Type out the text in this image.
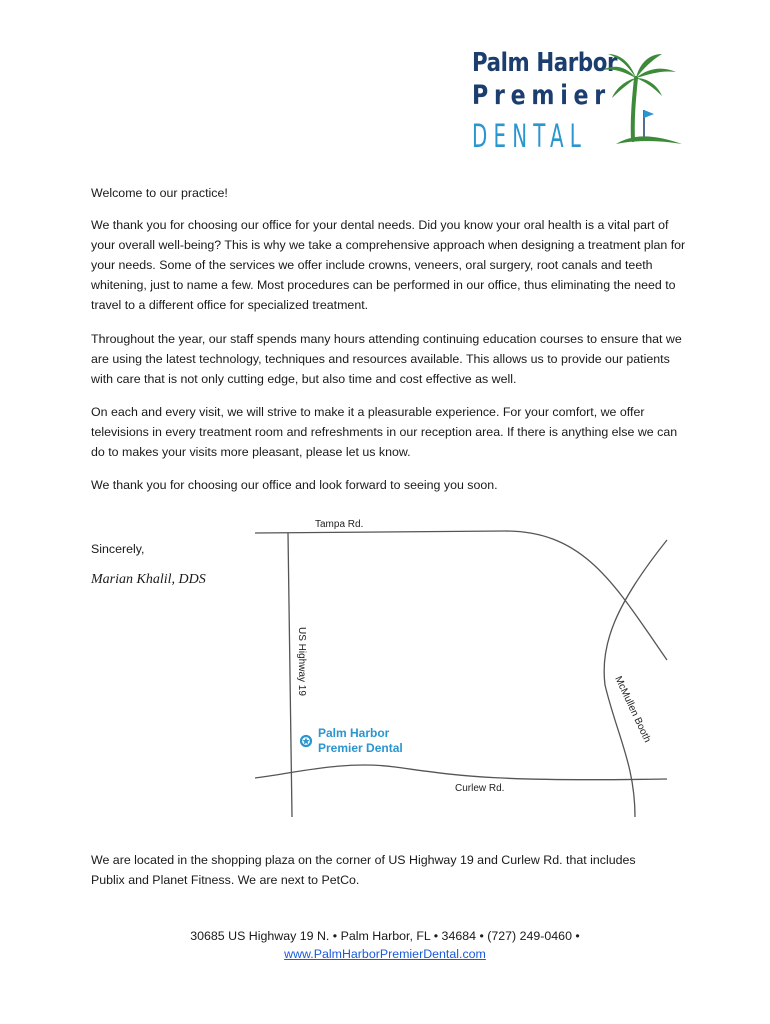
Palm Harbor
Premier
DENTAL
Welcome to our practice!
We thank you for choosing our office for your dental needs. Did you know your oral health is a vital part of your overall well-being? This is why we take a comprehensive approach when designing a treatment plan for your needs. Some of the services we offer include crowns, veneers, oral surgery, root canals and teeth whitening, just to name a few. Most procedures can be performed in our office, thus eliminating the need to travel to a different office for specialized treatment.
Throughout the year, our staff spends many hours attending continuing education courses to ensure that we are using the latest technology, techniques and resources available. This allows us to provide our patients with care that is not only cutting edge, but also time and cost effective as well.
On each and every visit, we will strive to make it a pleasurable experience. For your comfort, we offer televisions in every treatment room and refreshments in our reception area. If there is anything else we can do to makes your visits more pleasant, please let us know.
We thank you for choosing our office and look forward to seeing you soon.
Sincerely,
Marian Khalil, DDS
Tampa Rd.
US Highway 19
McMullen Booth
Curlew Rd.
Palm Harbor
Premier Dental
We are located in the shopping plaza on the corner of US Highway 19 and Curlew Rd. that includes Publix and Planet Fitness. We are next to PetCo.
30685 US Highway 19 N. • Palm Harbor, FL • 34684 • (727) 249-0460 •
www.PalmHarborPremierDental.com
